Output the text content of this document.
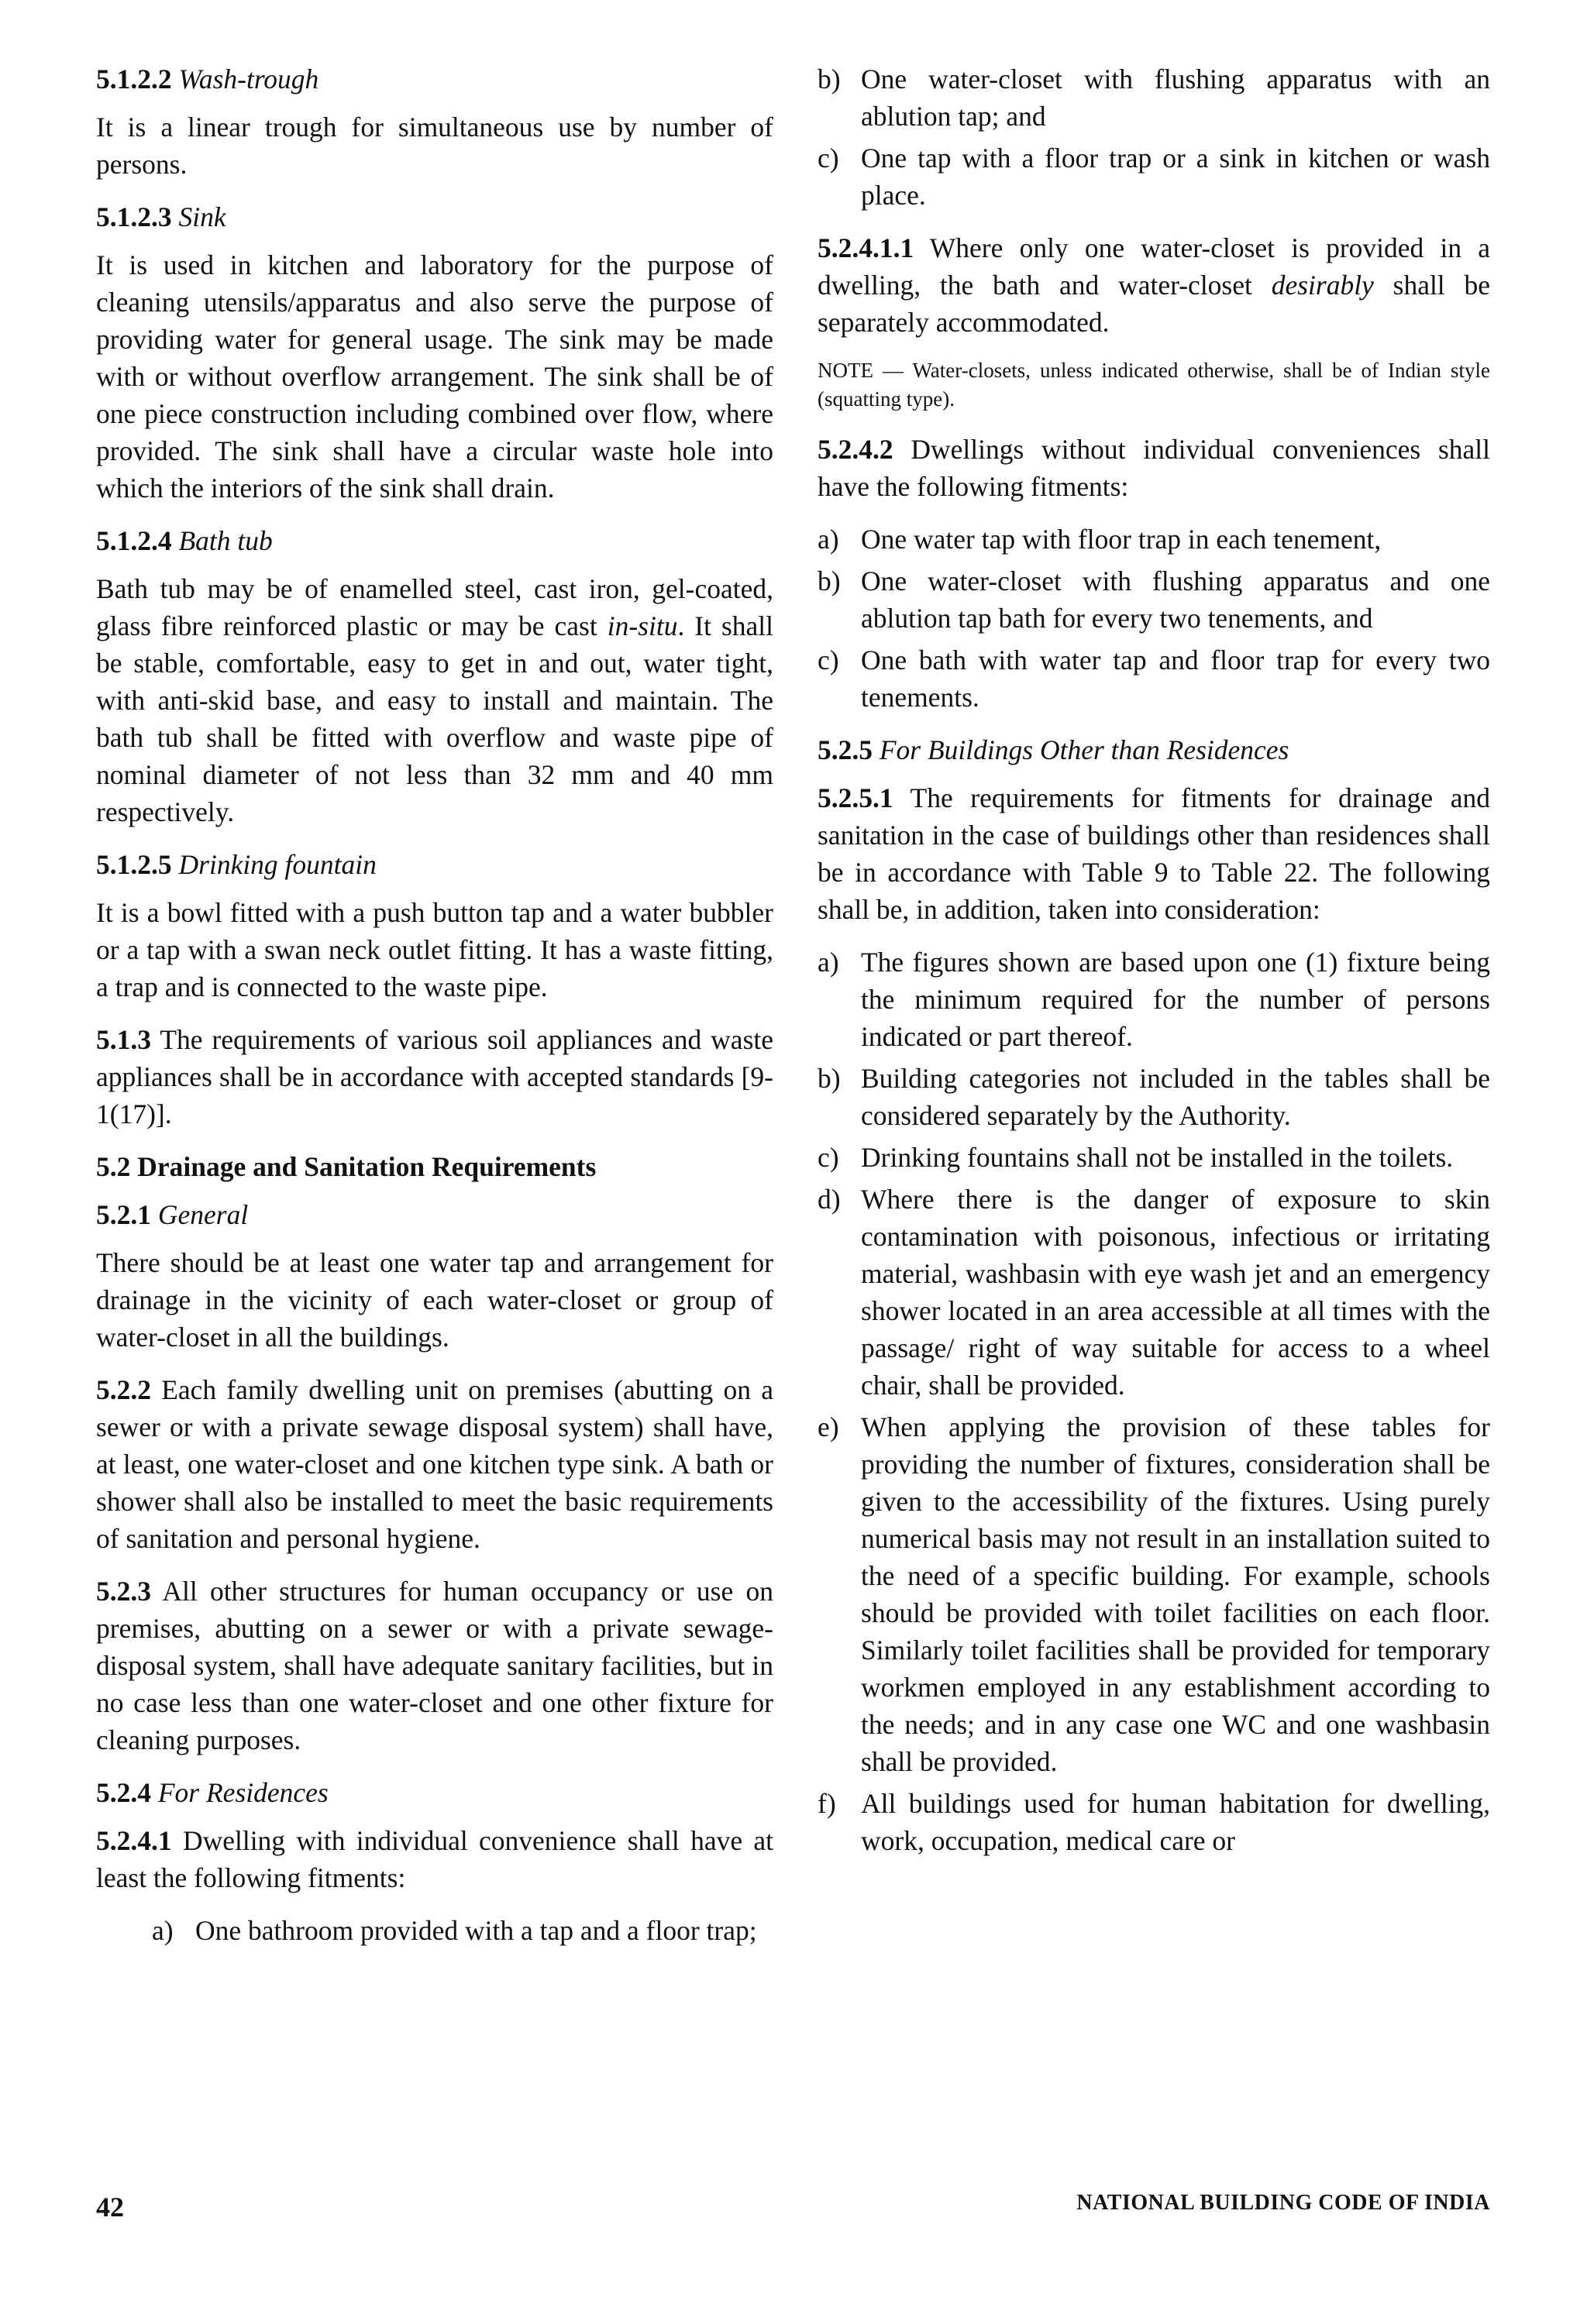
5.1.2.2 Wash-trough

It is a linear trough for simultaneous use by number of persons.

5.1.2.3 Sink

It is used in kitchen and laboratory for the purpose of cleaning utensils/apparatus and also serve the purpose of providing water for general usage. The sink may be made with or without overflow arrangement. The sink shall be of one piece construction including combined over flow, where provided. The sink shall have a circular waste hole into which the interiors of the sink shall drain.

5.1.2.4 Bath tub

Bath tub may be of enamelled steel, cast iron, gel-coated, glass fibre reinforced plastic or may be cast in-situ. It shall be stable, comfortable, easy to get in and out, water tight, with anti-skid base, and easy to install and maintain. The bath tub shall be fitted with overflow and waste pipe of nominal diameter of not less than 32 mm and 40 mm respectively.

5.1.2.5 Drinking fountain

It is a bowl fitted with a push button tap and a water bubbler or a tap with a swan neck outlet fitting. It has a waste fitting, a trap and is connected to the waste pipe.

5.1.3 The requirements of various soil appliances and waste appliances shall be in accordance with accepted standards [9-1(17)].

5.2 Drainage and Sanitation Requirements
5.2.1 General

There should be at least one water tap and arrangement for drainage in the vicinity of each water-closet or group of water-closet in all the buildings.

5.2.2 Each family dwelling unit on premises (abutting on a sewer or with a private sewage disposal system) shall have, at least, one water-closet and one kitchen type sink. A bath or shower shall also be installed to meet the basic requirements of sanitation and personal hygiene.

5.2.3 All other structures for human occupancy or use on premises, abutting on a sewer or with a private sewage-disposal system, shall have adequate sanitary facilities, but in no case less than one water-closet and one other fixture for cleaning purposes.

5.2.4 For Residences

5.2.4.1 Dwelling with individual convenience shall have at least the following fitments:

a) One bathroom provided with a tap and a floor trap;
b) One water-closet with flushing apparatus with an ablution tap; and
c) One tap with a floor trap or a sink in kitchen or wash place.

5.2.4.1.1 Where only one water-closet is provided in a dwelling, the bath and water-closet desirably shall be separately accommodated.

NOTE — Water-closets, unless indicated otherwise, shall be of Indian style (squatting type).

5.2.4.2 Dwellings without individual conveniences shall have the following fitments:

a) One water tap with floor trap in each tenement,
b) One water-closet with flushing apparatus and one ablution tap bath for every two tenements, and
c) One bath with water tap and floor trap for every two tenements.
5.2.5 For Buildings Other than Residences

5.2.5.1 The requirements for fitments for drainage and sanitation in the case of buildings other than residences shall be in accordance with Table 9 to Table 22. The following shall be, in addition, taken into consideration:

a) The figures shown are based upon one (1) fixture being the minimum required for the number of persons indicated or part thereof.
b) Building categories not included in the tables shall be considered separately by the Authority.
c) Drinking fountains shall not be installed in the toilets.
d) Where there is the danger of exposure to skin contamination with poisonous, infectious or irritating material, washbasin with eye wash jet and an emergency shower located in an area accessible at all times with the passage/ right of way suitable for access to a wheel chair, shall be provided.
e) When applying the provision of these tables for providing the number of fixtures, consideration shall be given to the accessibility of the fixtures. Using purely numerical basis may not result in an installation suited to the need of a specific building. For example, schools should be provided with toilet facilities on each floor. Similarly toilet facilities shall be provided for temporary workmen employed in any establishment according to the needs; and in any case one WC and one washbasin shall be provided.
f) All buildings used for human habitation for dwelling, work, occupation, medical care or
42	NATIONAL BUILDING CODE OF INDIA
